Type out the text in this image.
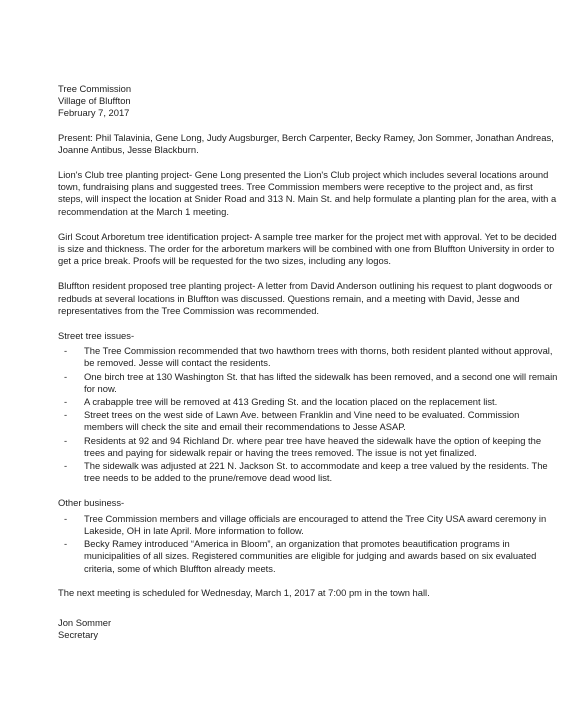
Tree Commission

Village of Bluffton

February 7, 2017

Present: Phil Talavinia, Gene Long, Judy Augsburger, Berch Carpenter, Becky Ramey, Jon Sommer, Jonathan Andreas, Joanne Antibus, Jesse Blackburn.

Lion's Club tree planting project- Gene Long presented the Lion's Club project which includes several locations around town, fundraising plans and suggested trees. Tree Commission members were receptive to the project and, as first steps, will inspect the location at Snider Road and 313 N. Main St. and help formulate a planting plan for the area, with a recommendation at the March 1 meeting.

Girl Scout Arboretum tree identification project- A sample tree marker for the project met with approval. Yet to be decided is size and thickness. The order for the arboretum markers will be combined with one from Bluffton University in order to get a price break. Proofs will be requested for the two sizes, including any logos.

Bluffton resident proposed tree planting project- A letter from David Anderson outlining his request to plant dogwoods or redbuds at several locations in Bluffton was discussed. Questions remain, and a meeting with David, Jesse and representatives from the Tree Commission was recommended.

Street tree issues-

- The Tree Commission recommended that two hawthorn trees with thorns, both resident planted without approval, be removed. Jesse will contact the residents.
- One birch tree at 130 Washington St. that has lifted the sidewalk has been removed, and a second one will remain for now.
- A crabapple tree will be removed at 413 Greding St. and the location placed on the replacement list.
- Street trees on the west side of Lawn Ave. between Franklin and Vine need to be evaluated. Commission members will check the site and email their recommendations to Jesse ASAP.
- Residents at 92 and 94 Richland Dr. where pear tree have heaved the sidewalk have the option of keeping the trees and paying for sidewalk repair or having the trees removed. The issue is not yet finalized.
- The sidewalk was adjusted at 221 N. Jackson St. to accommodate and keep a tree valued by the residents. The tree needs to be added to the prune/remove dead wood list.

Other business-

- Tree Commission members and village officials are encouraged to attend the Tree City USA award ceremony in Lakeside, OH in late April. More information to follow.
- Becky Ramey introduced “America in Bloom”, an organization that promotes beautification programs in municipalities of all sizes. Registered communities are eligible for judging and awards based on six evaluated criteria, some of which Bluffton already meets.

The next meeting is scheduled for Wednesday, March 1, 2017 at 7:00 pm in the town hall.

Jon Sommer

Secretary
